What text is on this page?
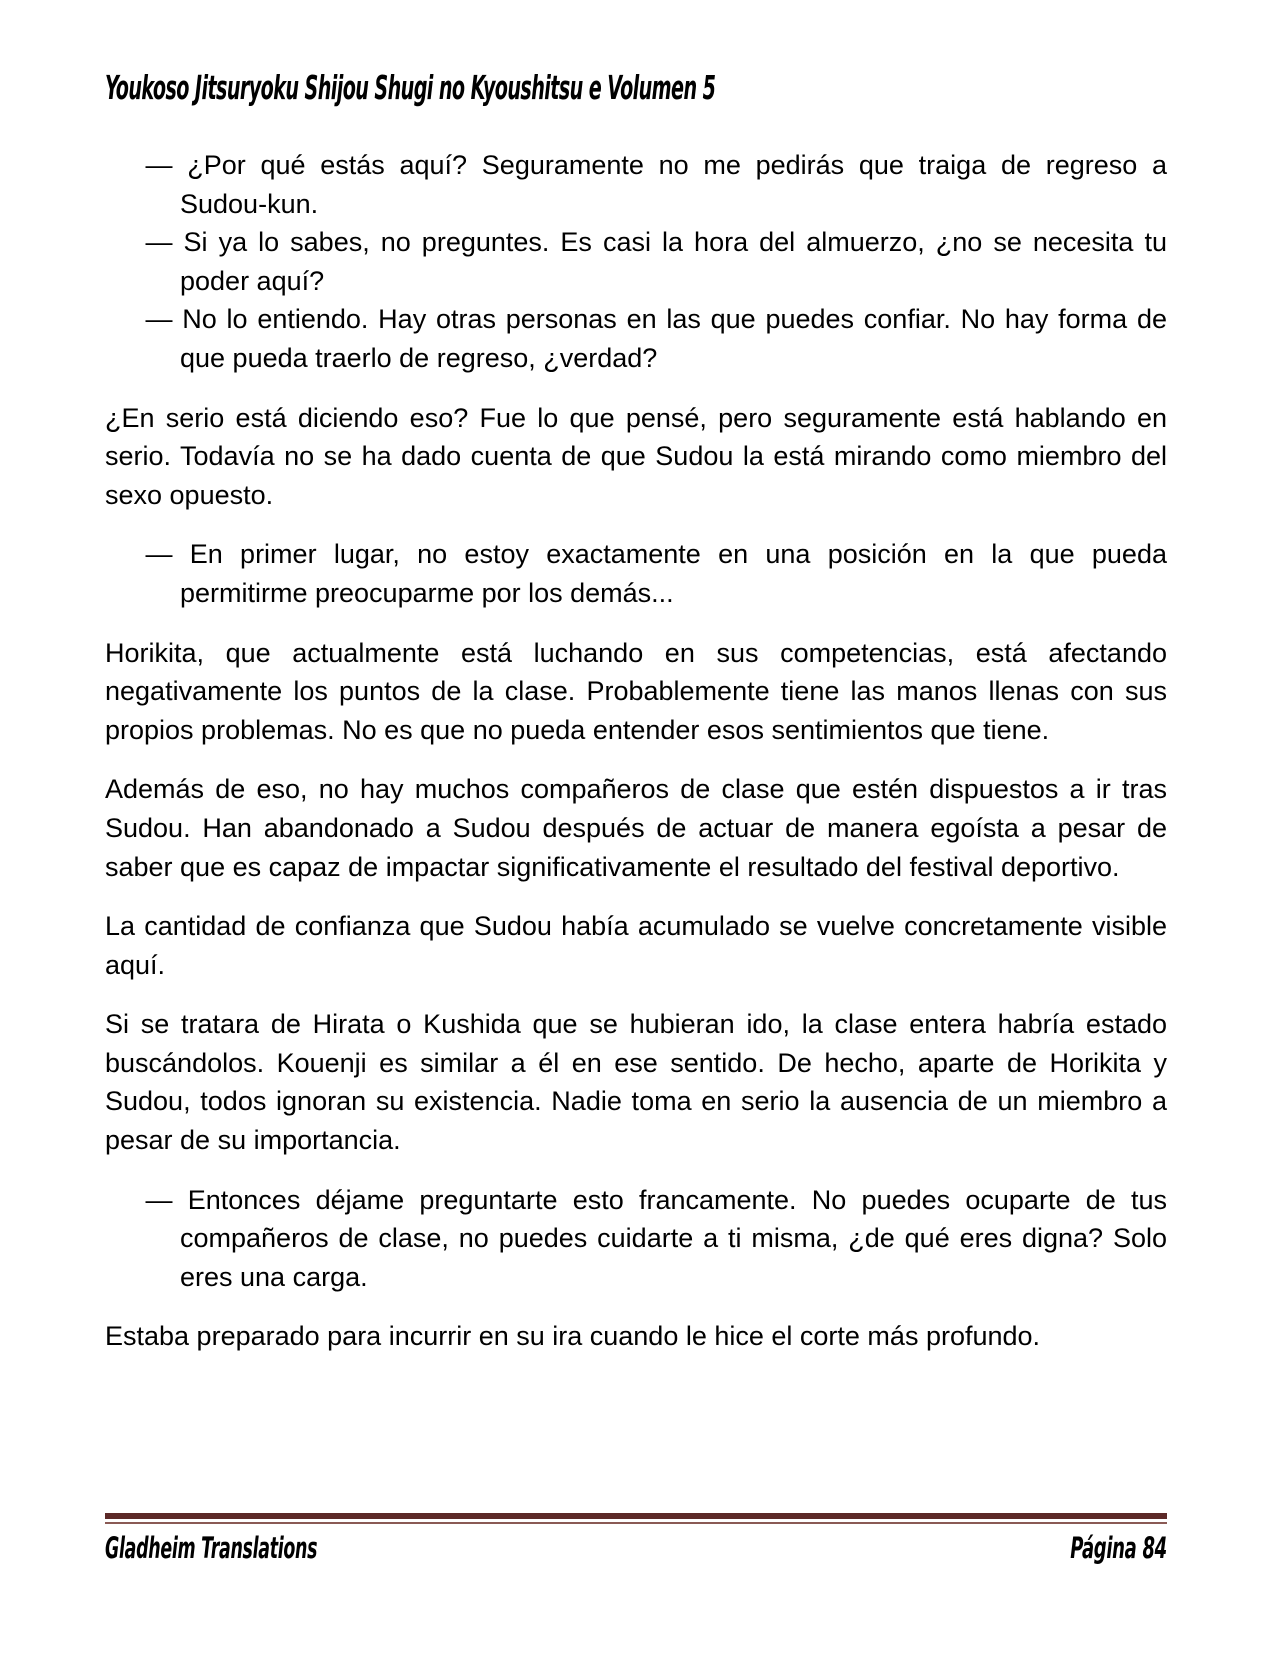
Youkoso Jitsuryoku Shijou Shugi no Kyoushitsu e Volumen 5

— ¿Por qué estás aquí? Seguramente no me pedirás que traiga de regreso a Sudou-kun.

— Si ya lo sabes, no preguntes. Es casi la hora del almuerzo, ¿no se necesita tu poder aquí?

— No lo entiendo. Hay otras personas en las que puedes confiar. No hay forma de que pueda traerlo de regreso, ¿verdad?

¿En serio está diciendo eso? Fue lo que pensé, pero seguramente está hablando en serio. Todavía no se ha dado cuenta de que Sudou la está mirando como miembro del sexo opuesto.

— En primer lugar, no estoy exactamente en una posición en la que pueda permitirme preocuparme por los demás...

Horikita, que actualmente está luchando en sus competencias, está afectando negativamente los puntos de la clase. Probablemente tiene las manos llenas con sus propios problemas. No es que no pueda entender esos sentimientos que tiene.

Además de eso, no hay muchos compañeros de clase que estén dispuestos a ir tras Sudou. Han abandonado a Sudou después de actuar de manera egoísta a pesar de saber que es capaz de impactar significativamente el resultado del festival deportivo.

La cantidad de confianza que Sudou había acumulado se vuelve concretamente visible aquí.

Si se tratara de Hirata o Kushida que se hubieran ido, la clase entera habría estado buscándolos. Kouenji es similar a él en ese sentido. De hecho, aparte de Horikita y Sudou, todos ignoran su existencia. Nadie toma en serio la ausencia de un miembro a pesar de su importancia.

— Entonces déjame preguntarte esto francamente. No puedes ocuparte de tus compañeros de clase, no puedes cuidarte a ti misma, ¿de qué eres digna? Solo eres una carga.

Estaba preparado para incurrir en su ira cuando le hice el corte más profundo.

Gladheim Translations	Página 84
